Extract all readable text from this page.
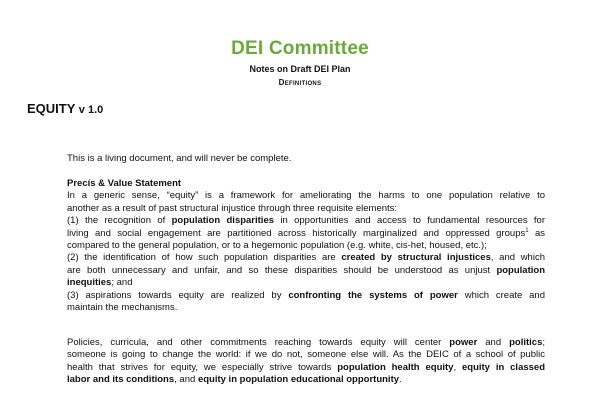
DEI Committee
Notes on Draft DEI Plan
Definitions
EQUITY v 1.0
This is a living document, and will never be complete.
Precís & Value Statement
In a generic sense, “equity” is a framework for ameliorating the harms to one population relative to
another as a result of past structural injustice through three requisite elements:
(1) the recognition of population disparities in opportunities and access to fundamental resources for
living and social engagement are partitioned across historically marginalized and oppressed groups$^1$ as
compared to the general population, or to a hegemonic population (e.g. white, cis-het, housed, etc.);
(2) the identification of how such population disparities are created by structural injustices, and which
are both unnecessary and unfair, and so these disparities should be understood as unjust population
inequities; and
(3) aspirations towards equity are realized by confronting the systems of power which create and
maintain the mechanisms.
Policies, curricula, and other commitments reaching towards equity will center power and politics;
someone is going to change the world: if we do not, someone else will. As the DEIC of a school of public
health that strives for equity, we especially strive towards population health equity, equity in classed
labor and its conditions, and equity in population educational opportunity.
